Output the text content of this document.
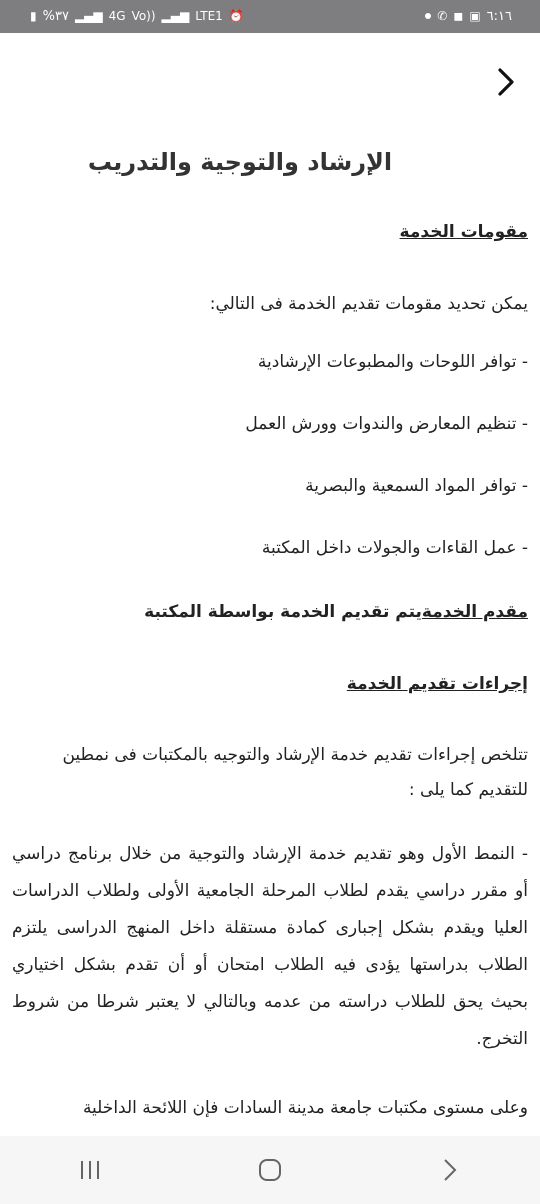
▮ %٣٧ ▂▄▆ 4G Vo)) ▂▄▆ LTE1 ⏰	٦:١٦
▣
◼
✆
الإرشاد والتوجية والتدريب

مقومات الخدمة

يمكن تحديد مقومات تقديم الخدمة فى التالي:

- توافر اللوحات والمطبوعات الإرشادية

- تنظيم المعارض والندوات وورش العمل

- توافر المواد السمعية والبصرية

- عمل القاءات والجولات داخل المكتبة

مقدم الخدمةيتم تقديم الخدمة بواسطة المكتبة

إجراءات تقديم الخدمة

تتلخص إجراءات تقديم خدمة الإرشاد والتوجيه بالمكتبات فى نمطين للتقديم كما يلى :

- النمط الأول وهو تقديم خدمة الإرشاد والتوجية من خلال برنامج دراسي أو مقرر دراسي يقدم لطلاب المرحلة الجامعية الأولى ولطلاب الدراسات العليا ويقدم بشكل إجبارى كمادة مستقلة داخل المنهج الدراسى يلتزم الطلاب بدراستها يؤدى فيه الطلاب امتحان أو أن تقدم بشكل اختياري بحيث يحق للطلاب دراسته من عدمه وبالتالي لا يعتبر شرطا من شروط التخرج.

وعلى مستوى مكتبات جامعة مدينة السادات فإن اللائحة الداخلية
